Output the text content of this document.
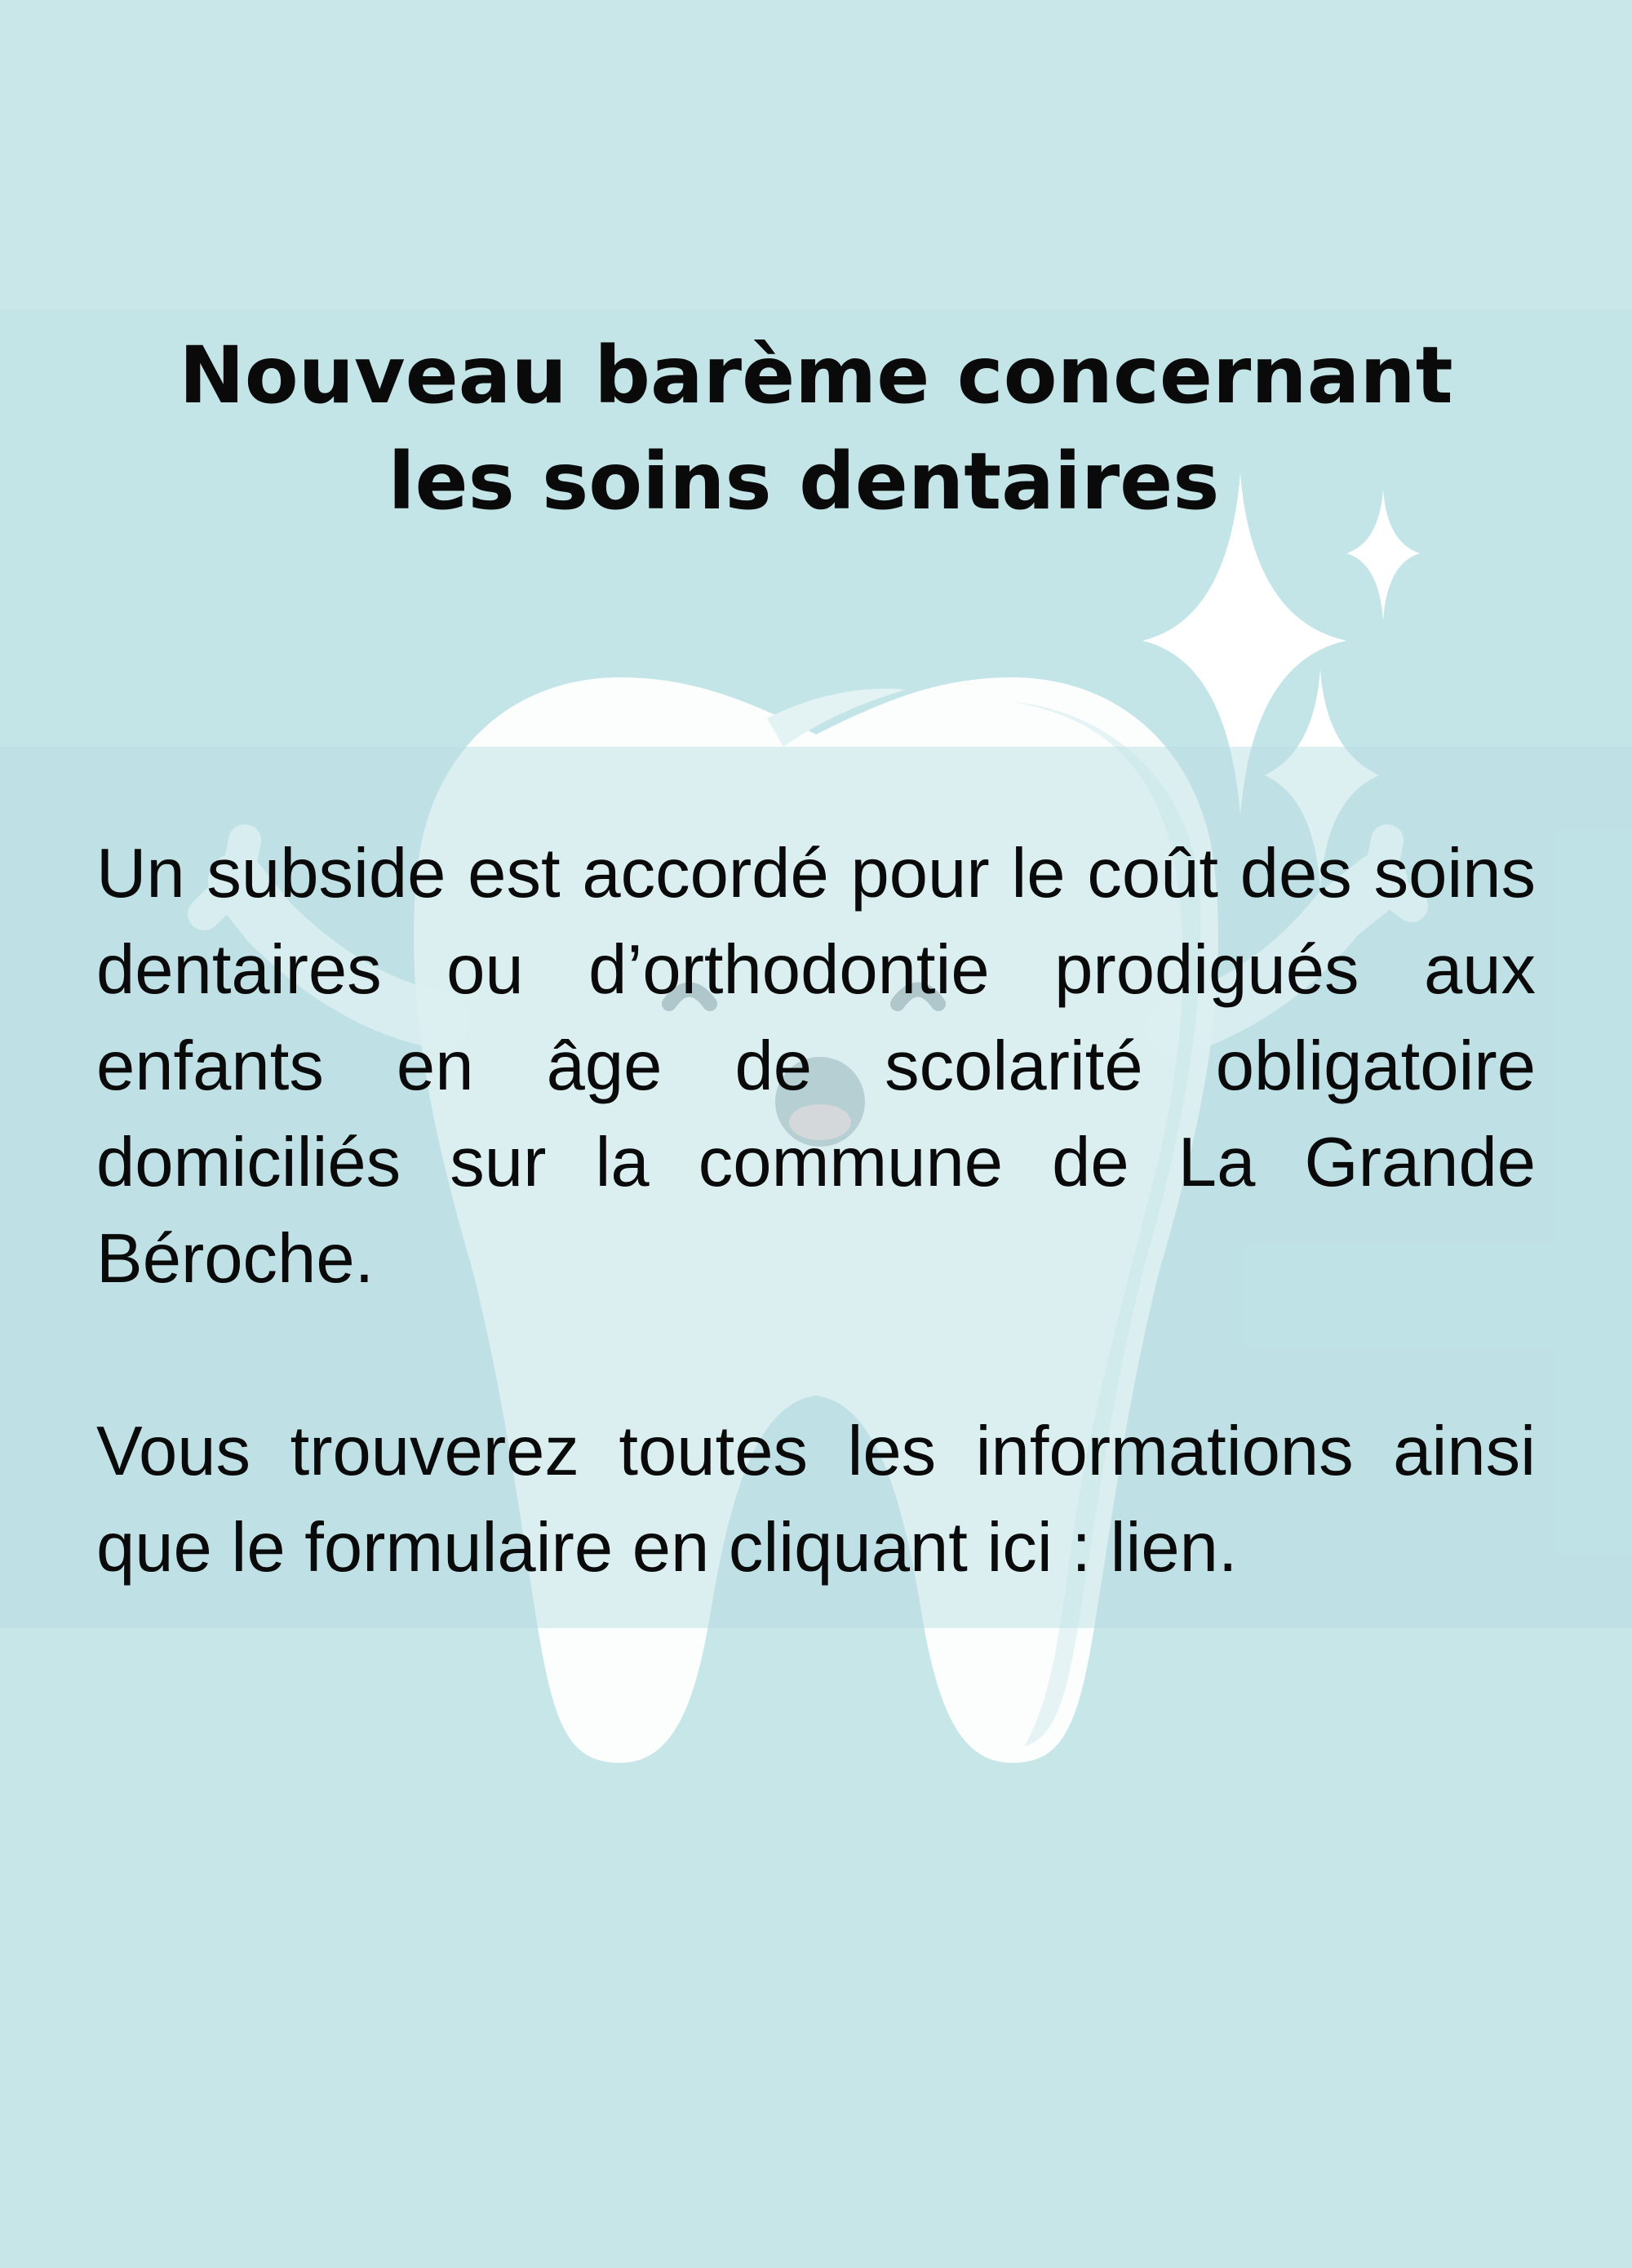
Nouveau barème concernant
les soins dentaires

Un subside est accordé pour le coût des soins dentaires ou d’orthodontie prodigués aux enfants en âge de scolarité obligatoire domiciliés sur la commune de La Grande Béroche.

Vous trouverez toutes les informations ainsi que le formulaire en cliquant ici : lien.
